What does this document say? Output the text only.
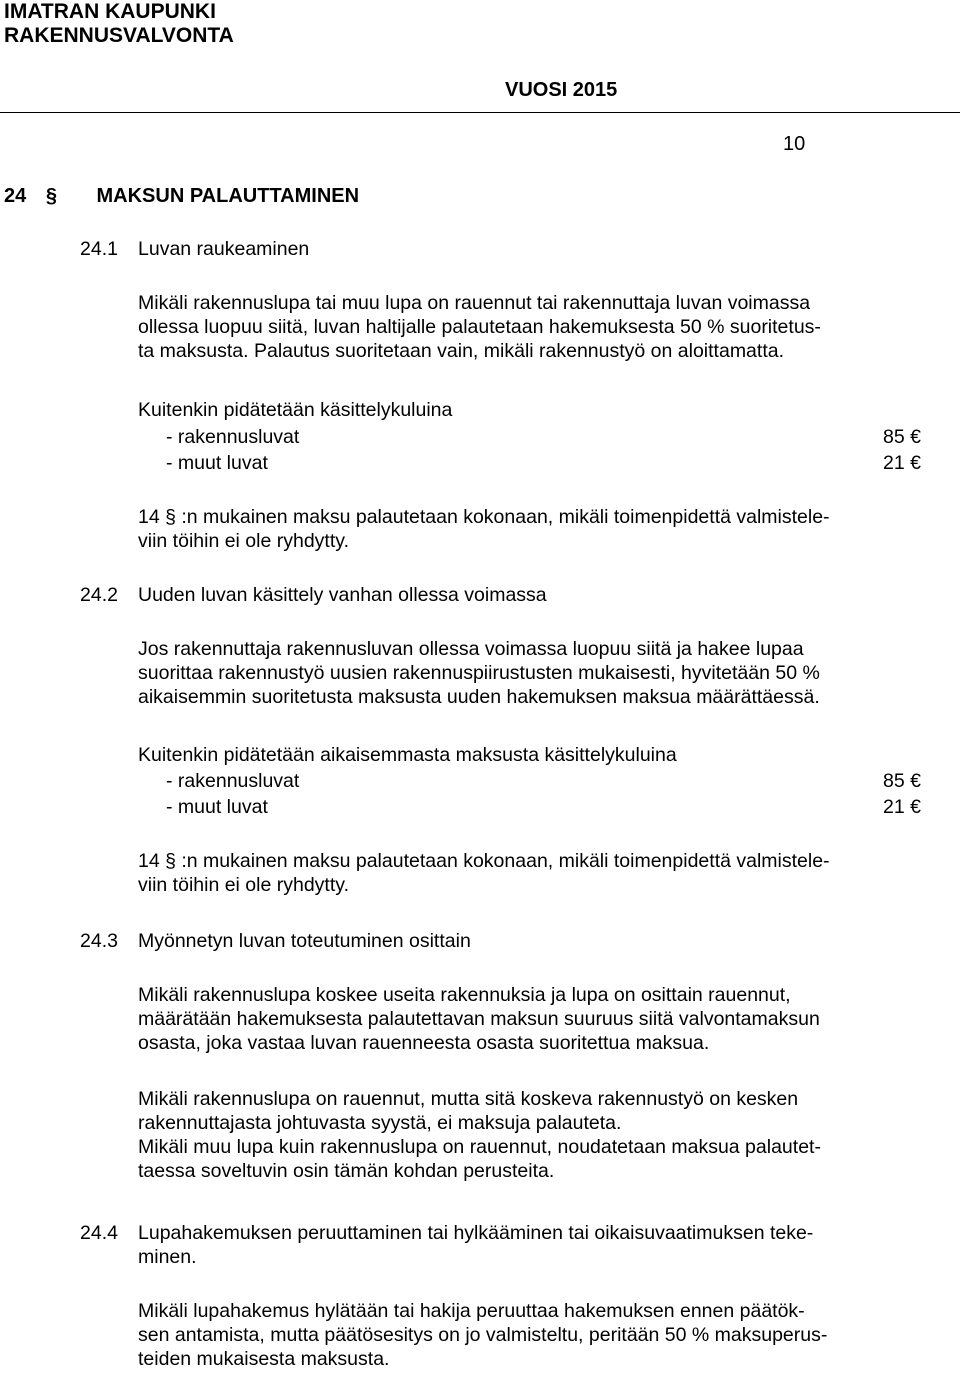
IMATRAN KAUPUNKI
RAKENNUSVALVONTA
VUOSI 2015
10
24 § MAKSUN PALAUTTAMINEN
24.1 Luvan raukeaminen
Mikäli rakennuslupa tai muu lupa on rauennut tai rakennuttaja luvan voimassa
ollessa luopuu siitä, luvan haltijalle palautetaan hakemuksesta 50 % suoritetus-
ta maksusta. Palautus suoritetaan vain, mikäli rakennustyö on aloittamatta.
Kuitenkin pidätetään käsittelykuluina
- rakennusluvat	85 €
- muut luvat	21 €
14 § :n mukainen maksu palautetaan kokonaan, mikäli toimenpidettä valmistele-
viin töihin ei ole ryhdytty.
24.2 Uuden luvan käsittely vanhan ollessa voimassa
Jos rakennuttaja rakennusluvan ollessa voimassa luopuu siitä ja hakee lupaa
suorittaa rakennustyö uusien rakennuspiirustusten mukaisesti, hyvitetään 50 %
aikaisemmin suoritetusta maksusta uuden hakemuksen maksua määrättäessä.
Kuitenkin pidätetään aikaisemmasta maksusta käsittelykuluina
- rakennusluvat	85 €
- muut luvat	21 €
14 § :n mukainen maksu palautetaan kokonaan, mikäli toimenpidettä valmistele-
viin töihin ei ole ryhdytty.
24.3 Myönnetyn luvan toteutuminen osittain
Mikäli rakennuslupa koskee useita rakennuksia ja lupa on osittain rauennut,
määrätään hakemuksesta palautettavan maksun suuruus siitä valvontamaksun
osasta, joka vastaa luvan rauenneesta osasta suoritettua maksua.
Mikäli rakennuslupa on rauennut, mutta sitä koskeva rakennustyö on kesken
rakennuttajasta johtuvasta syystä, ei maksuja palauteta.
Mikäli muu lupa kuin rakennuslupa on rauennut, noudatetaan maksua palautet-
taessa soveltuvin osin tämän kohdan perusteita.
24.4 Lupahakemuksen peruuttaminen tai hylkääminen tai oikaisuvaatimuksen teke-
minen.
Mikäli lupahakemus hylätään tai hakija peruuttaa hakemuksen ennen päätök-
sen antamista, mutta päätösesitys on jo valmisteltu, peritään 50 % maksuperus-
teiden mukaisesta maksusta.
